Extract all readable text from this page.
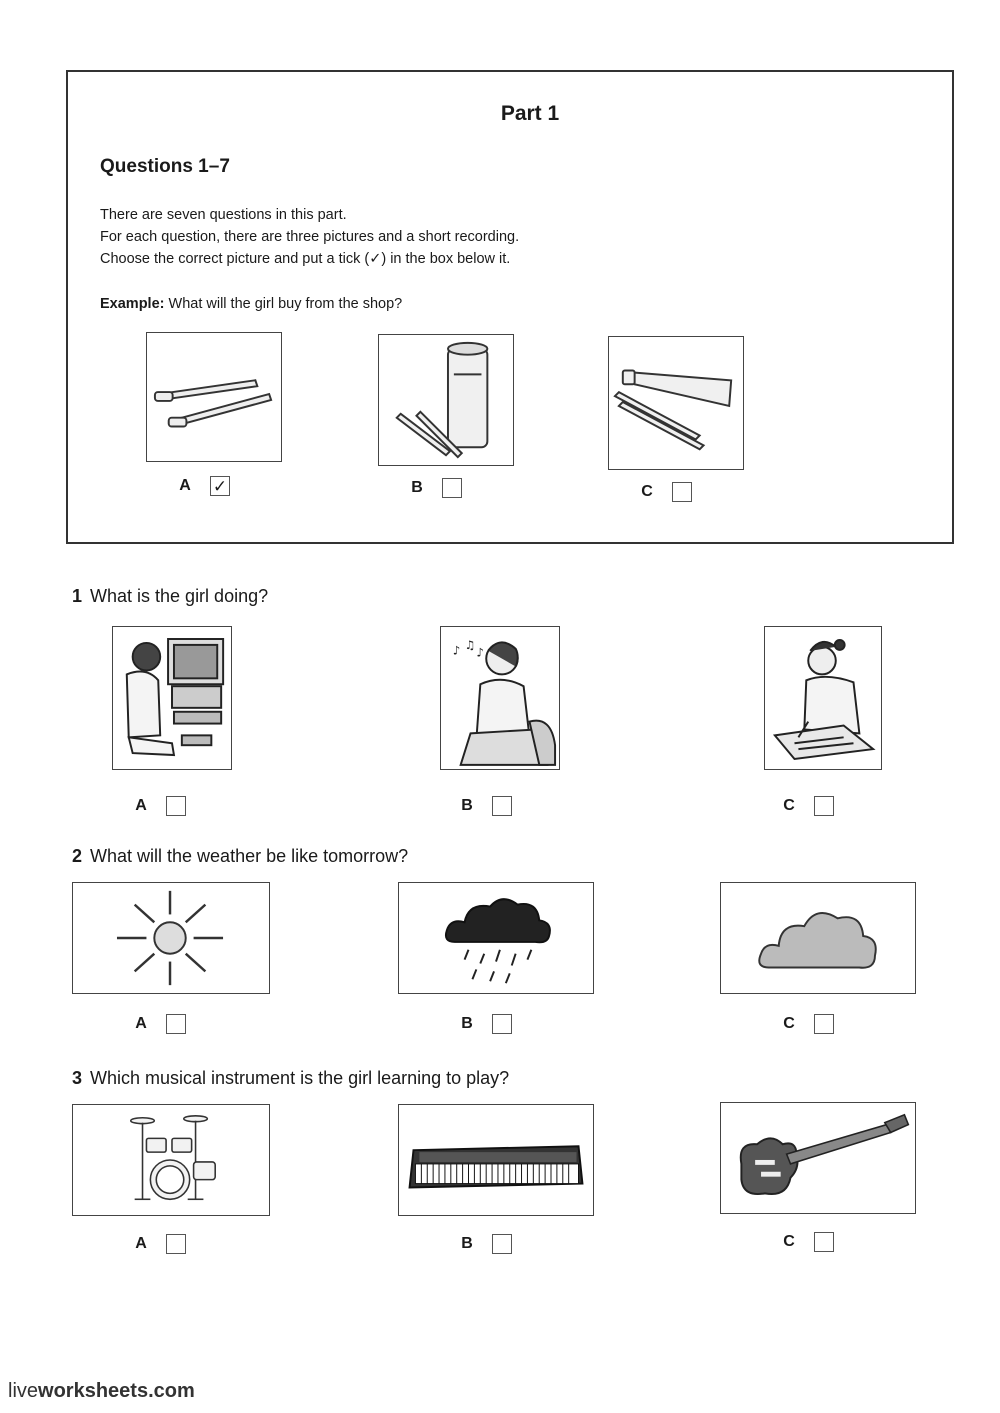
Part 1
Questions 1–7
There are seven questions in this part.
For each question, there are three pictures and a short recording.
Choose the correct picture and put a tick (✓) in the box below it.
Example: What will the girl buy from the shop?
A ✓	B	C
1 What is the girl doing?
A
♪ ♫
♪
B	C
2 What will the weather be like tomorrow?
A	B	C
3 Which musical instrument is the girl learning to play?
A	B	C
liveworksheets.com
